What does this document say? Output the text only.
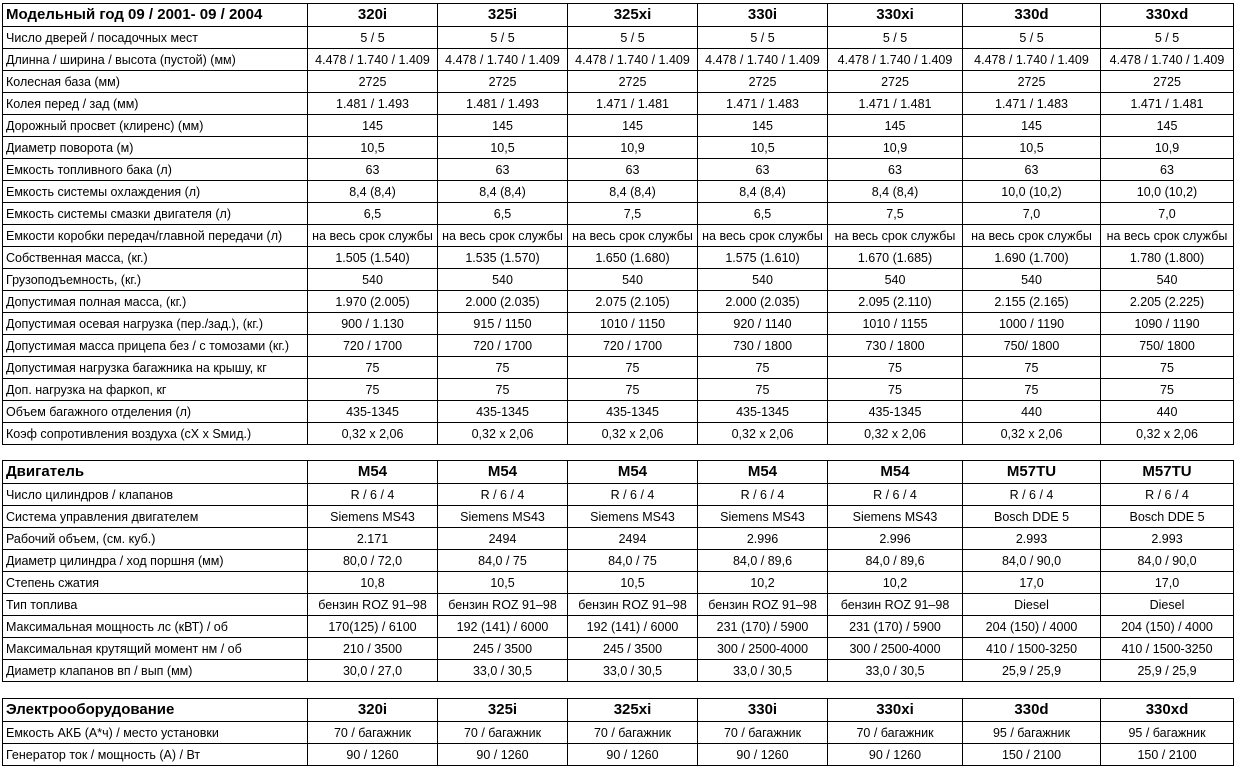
Модельный год 09 / 2001- 09 / 2004	320i	325i	325xi	330i	330xi	330d	330xd
Число дверей / посадочных мест	5 / 5	5 / 5	5 / 5	5 / 5	5 / 5	5 / 5	5 / 5
Длинна / ширина / высота (пустой) (мм)	4.478 / 1.740 / 1.409	4.478 / 1.740 / 1.409	4.478 / 1.740 / 1.409	4.478 / 1.740 / 1.409	4.478 / 1.740 / 1.409	4.478 / 1.740 / 1.409	4.478 / 1.740 / 1.409
Колесная база (мм)	2725	2725	2725	2725	2725	2725	2725
Колея перед / зад (мм)	1.481 / 1.493	1.481 / 1.493	1.471 / 1.481	1.471 / 1.483	1.471 / 1.481	1.471 / 1.483	1.471 / 1.481
Дорожный просвет (клиренс) (мм)	145	145	145	145	145	145	145
Диаметр поворота (м)	10,5	10,5	10,9	10,5	10,9	10,5	10,9
Емкость топливного бака (л)	63	63	63	63	63	63	63
Емкость системы охлаждения (л)	8,4 (8,4)	8,4 (8,4)	8,4 (8,4)	8,4 (8,4)	8,4 (8,4)	10,0 (10,2)	10,0 (10,2)
Емкость системы смазки двигателя (л)	6,5	6,5	7,5	6,5	7,5	7,0	7,0
Емкости коробки передач/главной передачи (л)	на весь срок службы	на весь срок службы	на весь срок службы	на весь срок службы	на весь срок службы	на весь срок службы	на весь срок службы
Собственная масса, (кг.)	1.505 (1.540)	1.535 (1.570)	1.650 (1.680)	1.575 (1.610)	1.670 (1.685)	1.690 (1.700)	1.780 (1.800)
Грузоподъемность, (кг.)	540	540	540	540	540	540	540
Допустимая полная масса, (кг.)	1.970 (2.005)	2.000 (2.035)	2.075 (2.105)	2.000 (2.035)	2.095 (2.110)	2.155 (2.165)	2.205 (2.225)
Допустимая осевая нагрузка (пер./зад.), (кг.)	900 / 1.130	915 / 1150	1010 / 1150	920 / 1140	1010 / 1155	1000 / 1190	1090 / 1190
Допустимая масса прицепа без / с томозами (кг.)	720 / 1700	720 / 1700	720 / 1700	730 / 1800	730 / 1800	750/ 1800	750/ 1800
Допустимая нагрузка багажника на крышу, кг	75	75	75	75	75	75	75
Доп. нагрузка на фаркоп, кг	75	75	75	75	75	75	75
Объем багажного отделения (л)	435-1345	435-1345	435-1345	435-1345	435-1345	440	440
Коэф сопротивления воздуха (сХ х Sмид.)	0,32 х 2,06	0,32 х 2,06	0,32 х 2,06	0,32 х 2,06	0,32 х 2,06	0,32 х 2,06	0,32 х 2,06
Двигатель	M54	M54	M54	M54	M54	M57TU	M57TU
Число цилиндров / клапанов	R / 6 / 4	R / 6 / 4	R / 6 / 4	R / 6 / 4	R / 6 / 4	R / 6 / 4	R / 6 / 4
Система управления двигателем	Siemens MS43	Siemens MS43	Siemens MS43	Siemens MS43	Siemens MS43	Bosch DDE 5	Bosch DDE 5
Рабочий объем, (см. куб.)	2.171	2494	2494	2.996	2.996	2.993	2.993
Диаметр цилиндра / ход поршня (мм)	80,0 / 72,0	84,0 / 75	84,0 / 75	84,0 / 89,6	84,0 / 89,6	84,0 / 90,0	84,0 / 90,0
Степень сжатия	10,8	10,5	10,5	10,2	10,2	17,0	17,0
Тип топлива	бензин ROZ 91–98	бензин ROZ 91–98	бензин ROZ 91–98	бензин ROZ 91–98	бензин ROZ 91–98	Diesel	Diesel
Максимальная мощность лс (кВТ) / об	170(125) / 6100	192 (141) / 6000	192 (141) / 6000	231 (170) / 5900	231 (170) / 5900	204 (150) / 4000	204 (150) / 4000
Максимальная крутящий момент нм / об	210 / 3500	245 / 3500	245 / 3500	300 / 2500-4000	300 / 2500-4000	410 / 1500-3250	410 / 1500-3250
Диаметр клапанов вп / вып (мм)	30,0 / 27,0	33,0 / 30,5	33,0 / 30,5	33,0 / 30,5	33,0 / 30,5	25,9 / 25,9	25,9 / 25,9
Электрооборудование	320i	325i	325xi	330i	330xi	330d	330xd
Емкость АКБ (А*ч) / место установки	70 / багажник	70 / багажник	70 / багажник	70 / багажник	70 / багажник	95 / багажник	95 / багажник
Генератор ток / мощность (А) / Вт	90 / 1260	90 / 1260	90 / 1260	90 / 1260	90 / 1260	150 / 2100	150 / 2100
